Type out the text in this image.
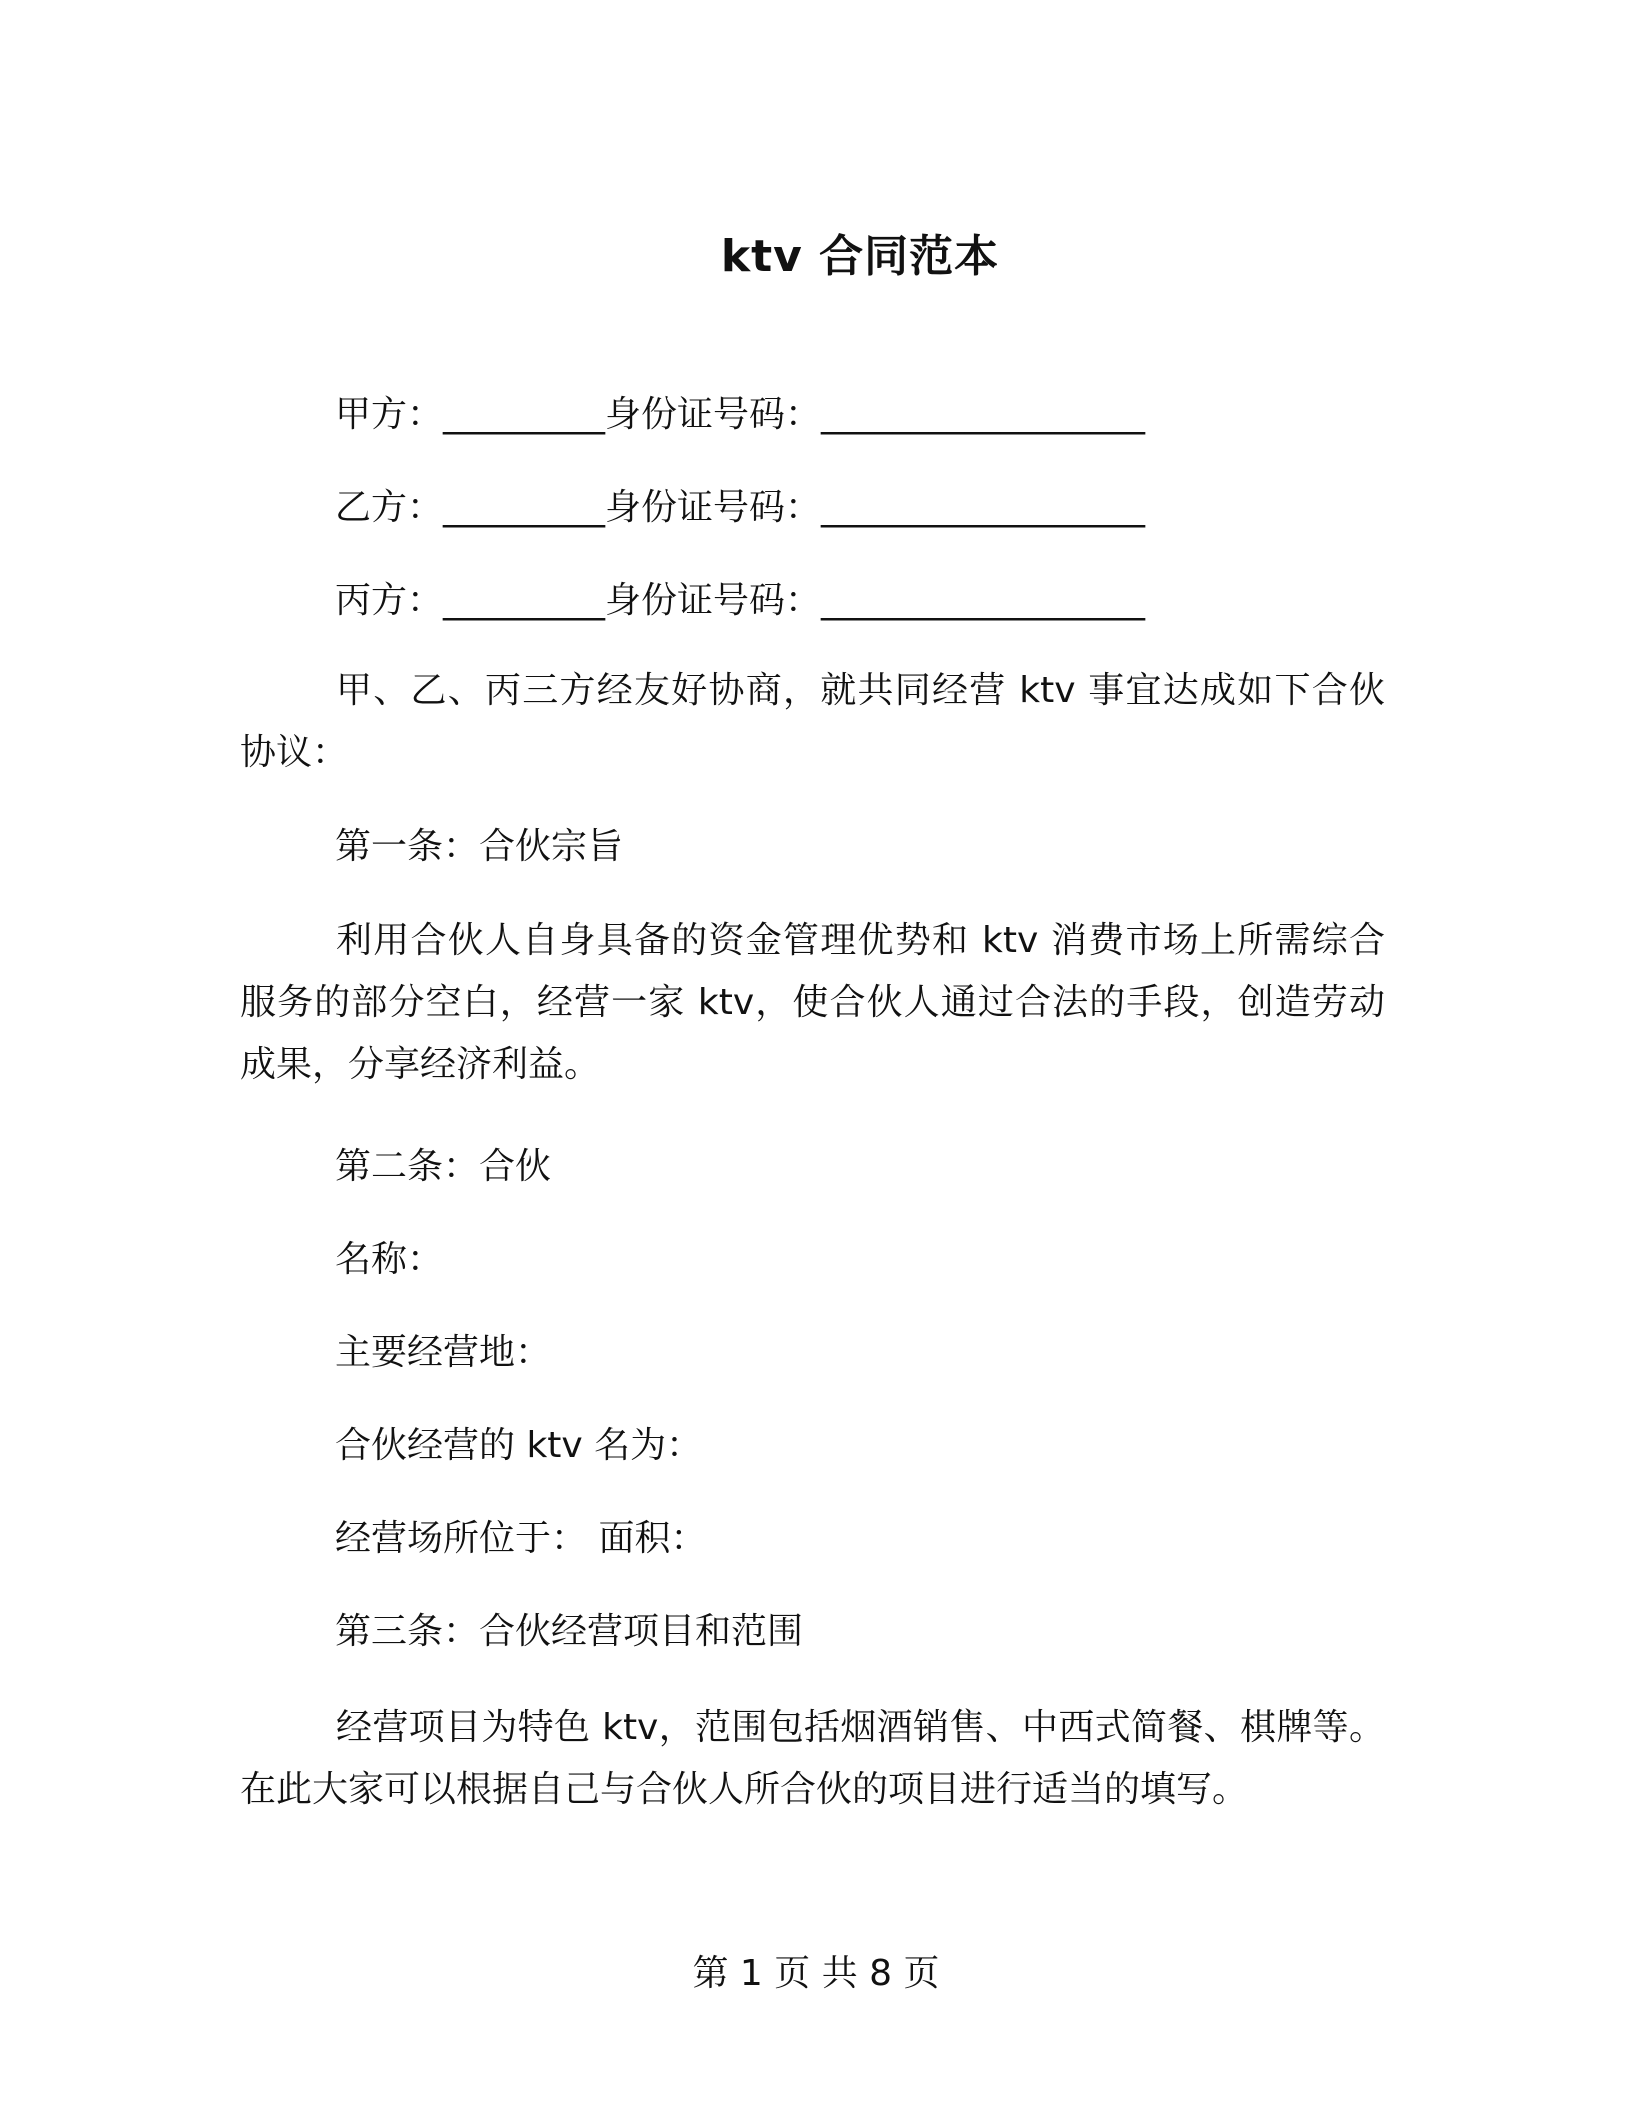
ktv 合同范本
甲方：_________身份证号码：__________________
乙方：_________身份证号码：__________________
丙方：_________身份证号码：__________________
甲、乙、丙三方经友好协商，就共同经营 ktv 事宜达成如下合伙协议：
第一条：合伙宗旨
利用合伙人自身具备的资金管理优势和 ktv 消费市场上所需综合服务的部分空白，经营一家 ktv，使合伙人通过合法的手段，创造劳动成果，分享经济利益。
第二条：合伙
名称：
主要经营地：
合伙经营的 ktv 名为：
经营场所位于： 面积：
第三条：合伙经营项目和范围
经营项目为特色 ktv，范围包括烟酒销售、中西式简餐、棋牌等。在此大家可以根据自己与合伙人所合伙的项目进行适当的填写。
第 1 页 共 8 页
